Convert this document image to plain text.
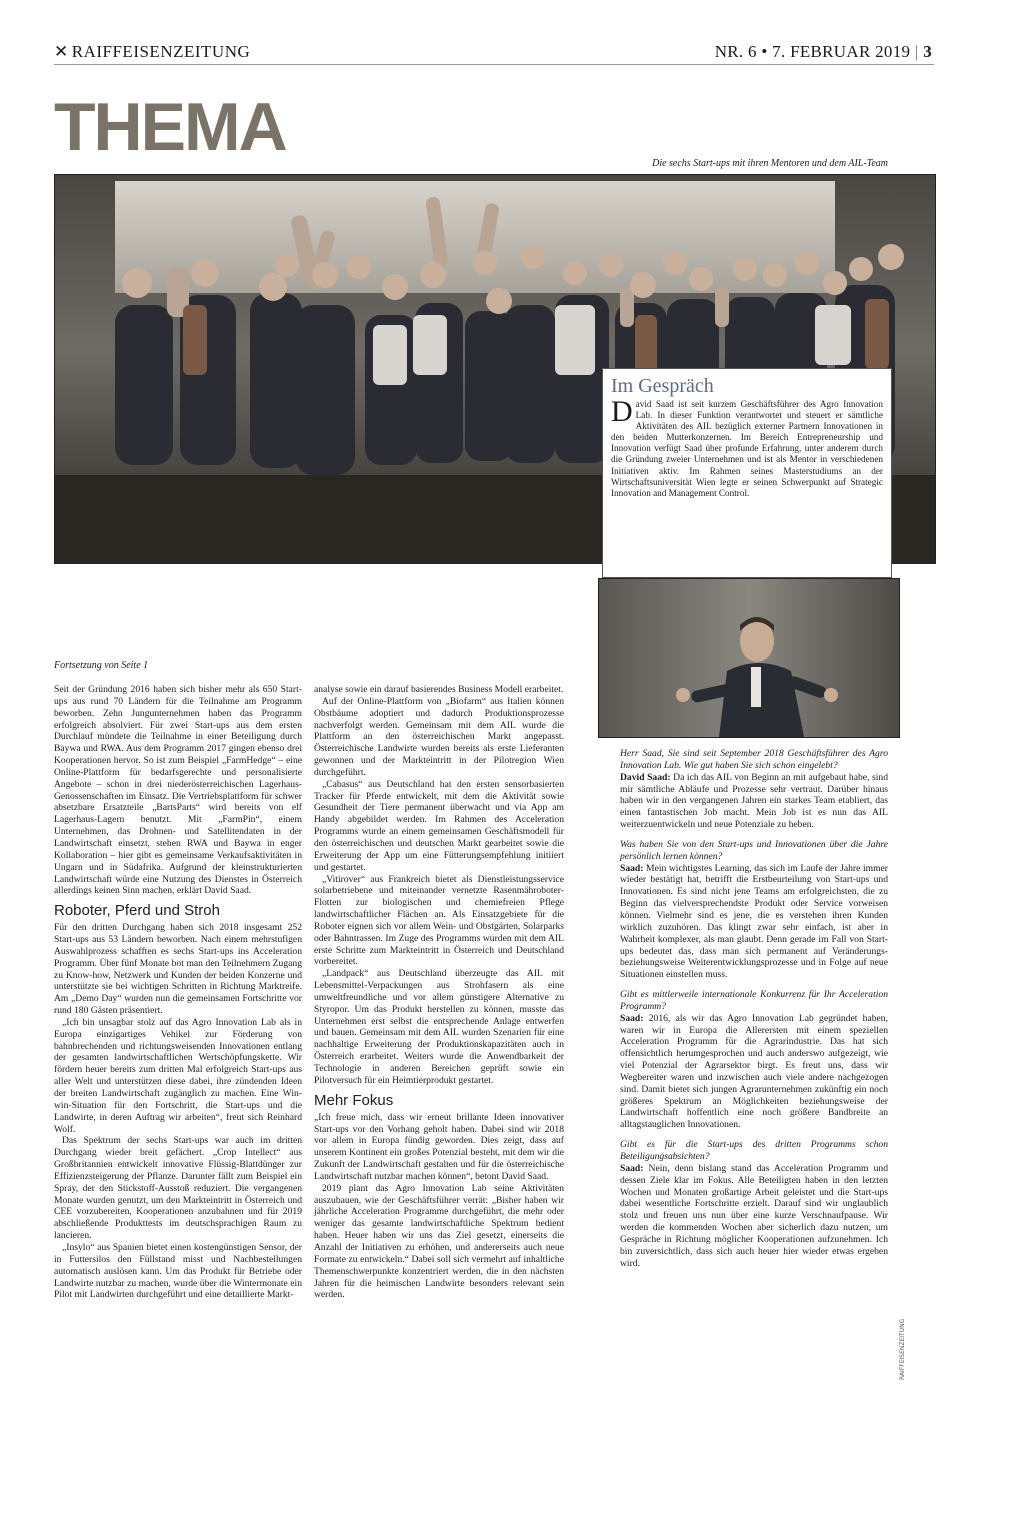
✕ RAIFFEISENZEITUNG	NR. 6 • 7. FEBRUAR 2019 | 3
THEMA	Die sechs Start-ups mit ihren Mentoren und dem AIL-Team
Im Gespräch
David Saad ist seit kurzem Geschäftsführer des Agro Innovation Lab. In dieser Funktion verantwortet und steuert er sämtliche Aktivitäten des AIL bezüglich externer Partnern Innovationen in den beiden Mutterkonzernen. Im Bereich Entrepreneurship und Innovation verfügt Saad über profunde Erfahrung, unter anderem durch die Gründung zweier Unternehmen und ist als Mentor in verschiedenen Initiativen aktiv. Im Rahmen seines Masterstudiums an der Wirtschaftsuniversität Wien legte er seinen Schwerpunkt auf Strategic Innovation and Management Control.
Fortsetzung von Seite 1

Seit der Gründung 2016 haben sich bisher mehr als 650 Start-ups aus rund 70 Ländern für die Teilnahme am Programm beworben. Zehn Jungunternehmen haben das Programm erfolgreich absolviert. Für zwei Start-ups aus dem ersten Durchlauf mündete die Teilnahme in einer Beteiligung durch Baywa und RWA. Aus dem Programm 2017 gingen ebenso drei Kooperationen hervor. So ist zum Beispiel „FarmHedge“ – eine Online-Plattform für bedarfsgerechte und personalisierte Angebote – schon in drei niederösterreichischen Lagerhaus-Genossenschaften im Einsatz. Die Vertriebsplattform für schwer absetzbare Ersatzteile „BartsParts“ wird bereits von elf Lagerhaus-Lagern benutzt. Mit „FarmPin“, einem Unternehmen, das Drohnen- und Satellitendaten in der Landwirtschaft einsetzt, stehen RWA und Baywa in enger Kollaboration – hier gibt es gemeinsame Verkaufsaktivitäten in Ungarn und in Südafrika. Aufgrund der kleinstrukturierten Landwirtschaft würde eine Nutzung des Dienstes in Österreich allerdings keinen Sinn machen, erklärt David Saad.

Roboter, Pferd und Stroh

Für den dritten Durchgang haben sich 2018 insgesamt 252 Start-ups aus 53 Ländern beworben. Nach einem mehrstufigen Auswahlprozess schafften es sechs Start-ups ins Acceleration Programm. Über fünf Monate bot man den Teilnehmern Zugang zu Know-how, Netzwerk und Kunden der beiden Konzerne und unterstützte sie bei wichtigen Schritten in Richtung Marktreife. Am „Demo Day“ wurden nun die gemeinsamen Fortschritte vor rund 180 Gästen präsentiert.

„Ich bin unsagbar stolz auf das Agro Innovation Lab als in Europa einzigartiges Vehikel zur Förderung von bahnbrechenden und richtungsweisenden Innovationen entlang der gesamten landwirtschaftlichen Wertschöpfungskette. Wir fördern heuer bereits zum dritten Mal erfolgreich Start-ups aus aller Welt und unterstützen diese dabei, ihre zündenden Ideen der breiten Landwirtschaft zugänglich zu machen. Eine Win-win-Situation für den Fortschritt, die Start-ups und die Landwirte, in deren Auftrag wir arbeiten“, freut sich Reinhard Wolf.

Das Spektrum der sechs Start-ups war auch im dritten Durchgang wieder breit gefächert. „Crop Intellect“ aus Großbritannien entwickelt innovative Flüssig-Blattdünger zur Effizienzsteigerung der Pflanze. Darunter fällt zum Beispiel ein Spray, der den Stickstoff-Ausstoß reduziert. Die vergangenen Monate wurden genutzt, um den Markteintritt in Österreich und CEE vorzubereiten, Kooperationen anzubahnen und für 2019 abschließende Produkttests im deutschsprachigen Raum zu lancieren.

„Insylo“ aus Spanien bietet einen kostengünstigen Sensor, der in Futtersilos den Füllstand misst und Nachbestellungen automatisch auslösen kann. Um das Produkt für Betriebe oder Landwirte nutzbar zu machen, wurde über die Wintermonate ein Pilot mit Landwirten durchgeführt und eine detaillierte Markt-

analyse sowie ein darauf basierendes Business Modell erarbeitet.

Auf der Online-Plattform von „Biofarm“ aus Italien können Obstbäume adoptiert und dadurch Produktionsprozesse nachverfolgt werden. Gemeinsam mit dem AIL wurde die Plattform an den österreichischen Markt angepasst. Österreichische Landwirte wurden bereits als erste Lieferanten gewonnen und der Markteintritt in der Pilotregion Wien durchgeführt.

„Cabasus“ aus Deutschland hat den ersten sensorbasierten Tracker für Pferde entwickelt, mit dem die Aktivität sowie Gesundheit der Tiere permanent überwacht und via App am Handy abgebildet werden. Im Rahmen des Acceleration Programms wurde an einem gemeinsamen Geschäftsmodell für den österreichischen und deutschen Markt gearbeitet sowie die Erweiterung der App um eine Fütterungsempfehlung initiiert und gestartet.

„Vitirover“ aus Frankreich bietet als Dienstleistungsservice solarbetriebene und miteinander vernetzte Rasenmähroboter-Flotten zur biologischen und chemiefreien Pflege landwirtschaftlicher Flächen an. Als Einsatzgebiete für die Roboter eignen sich vor allem Wein- und Obstgärten, Solarparks oder Bahntrassen. Im Zuge des Programms wurden mit dem AIL erste Schritte zum Markteintritt in Österreich und Deutschland vorbereitet.

„Landpack“ aus Deutschland überzeugte das AIL mit Lebensmittel-Verpackungen aus Strohfasern als eine umweltfreundliche und vor allem günstigere Alternative zu Styropor. Um das Produkt herstellen zu können, musste das Unternehmen erst selbst die entsprechende Anlage entwerfen und bauen. Gemeinsam mit dem AIL wurden Szenarien für eine nachhaltige Erweiterung der Produktionskapazitäten auch in Österreich erarbeitet. Weiters wurde die Anwendbarkeit der Technologie in anderen Bereichen geprüft sowie ein Pilotversuch für ein Heimtierprodukt gestartet.

Mehr Fokus

„Ich freue mich, dass wir erneut brillante Ideen innovativer Start-ups vor den Vorhang geholt haben. Dabei sind wir 2018 vor allem in Europa fündig geworden. Dies zeigt, dass auf unserem Kontinent ein großes Potenzial besteht, mit dem wir die Zukunft der Landwirtschaft gestalten und für die österreichische Landwirtschaft nutzbar machen können“, betont David Saad.

2019 plant das Agro Innovation Lab seine Aktivitäten auszubauen, wie der Geschäftsführer verrät: „Bisher haben wir jährliche Acceleration Programme durchgeführt, die mehr oder weniger das gesamte landwirtschaftliche Spektrum bedient haben. Heuer haben wir uns das Ziel gesetzt, einerseits die Anzahl der Initiativen zu erhöhen, und andererseits auch neue Formate zu entwickeln.“ Dabei soll sich vermehrt auf inhaltliche Themenschwerpunkte konzentriert werden, die in den nächsten Jahren für die heimischen Landwirte besonders relevant sein werden.

Herr Saad, Sie sind seit September 2018 Geschäftsführer des Agro Innovation Lab. Wie gut haben Sie sich schon eingelebt?

David Saad: Da ich das AIL von Beginn an mit aufgebaut habe, sind mir sämtliche Abläufe und Prozesse sehr vertraut. Darüber hinaus haben wir in den vergangenen Jahren ein starkes Team etabliert, das einen fantastischen Job macht. Mein Job ist es nun das AIL weiterzuentwickeln und neue Potenziale zu heben.

Was haben Sie von den Start-ups und Innovationen über die Jahre persönlich lernen können?

Saad: Mein wichtigstes Learning, das sich im Laufe der Jahre immer wieder bestätigt hat, betrifft die Erstbeurteilung von Start-ups und Innovationen. Es sind nicht jene Teams am erfolgreichsten, die zu Beginn das vielversprechendste Produkt oder Service vorweisen können. Vielmehr sind es jene, die es verstehen ihren Kunden wirklich zuzuhören. Das klingt zwar sehr einfach, ist aber in Wahrheit komplexer, als man glaubt. Denn gerade im Fall von Start-ups bedeutet das, dass man sich permanent auf Veränderungs- beziehungsweise Weiterentwicklungsprozesse und in Folge auf neue Situationen einstellen muss.

Gibt es mittlerweile internationale Konkurrenz für Ihr Acceleration Programm?

Saad: 2016, als wir das Agro Innovation Lab gegründet haben, waren wir in Europa die Allerersten mit einem speziellen Acceleration Programm für die Agrarindustrie. Das hat sich offensichtlich herumgesprochen und auch anderswo aufgezeigt, wie viel Potenzial der Agrarsektor birgt. Es freut uns, dass wir Wegbereiter waren und inzwischen auch viele andere nachgezogen sind. Damit bietet sich jungen Agrarunternehmen zukünftig ein noch größeres Spektrum an Möglichkeiten beziehungsweise der Landwirtschaft hoffentlich eine noch größere Bandbreite an alltagstauglichen Innovationen.

Gibt es für die Start-ups des dritten Programms schon Beteiligungsabsichten?

Saad: Nein, denn bislang stand das Acceleration Programm und dessen Ziele klar im Fokus. Alle Beteiligten haben in den letzten Wochen und Monaten großartige Arbeit geleistet und die Start-ups dabei wesentliche Fortschritte erzielt. Darauf sind wir unglaublich stolz und freuen uns nun über eine kurze Verschnaufpause. Wir werden die kommenden Wochen aber sicherlich dazu nutzen, um Gespräche in Richtung möglicher Kooperationen aufzunehmen. Ich bin zuversichtlich, dass sich auch heuer hier wieder etwas ergeben wird.

RAIFFEISENZEITUNG
